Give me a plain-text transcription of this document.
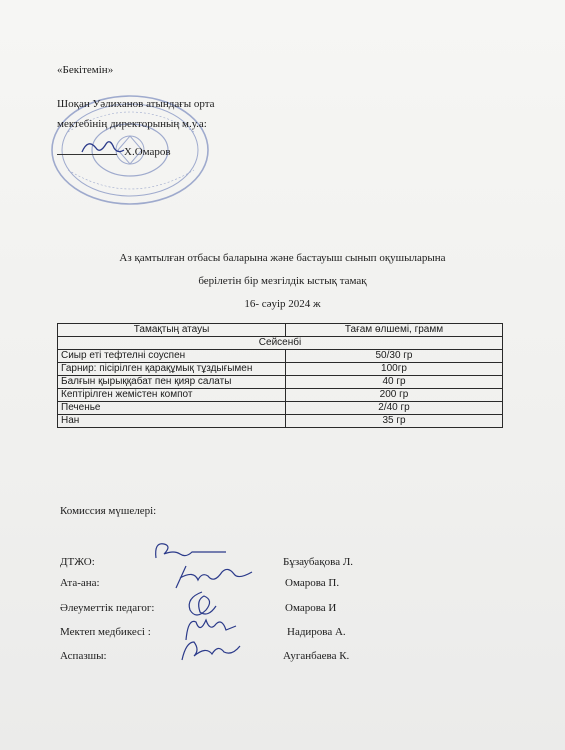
«Бекітемін»
Шоқан Уәлиханов атындағы орта
мектебінің директорының м.у.а:
Х.Омаров
Аз қамтылған отбасы баларына және бастауыш сынып оқушыларына
берілетін бір мезгілдік ыстық тамақ
16- сәуір 2024 ж
Тамақтың атауы	Тағам өлшемі, грамм
Сейсенбі	
Сиыр еті тефтелні соуспен	50/30 гр
Гарнир: пісірілген қарақұмық тұздығымен	100гр
Балғын қырыққабат пен қияр салаты	40 гр
Кептірілген жемістен компот	200 гр
Печенье	2/40 гр
Нан	35 гр
Комиссия мүшелері:
ДТЖО:	Бұзаубақова Л.
Ата-ана:	Омарова П.
Әлеуметтік педагог:	Омарова И
Мектеп медбикесі :	Надирова А.
Аспазшы:	Ауганбаева К.
